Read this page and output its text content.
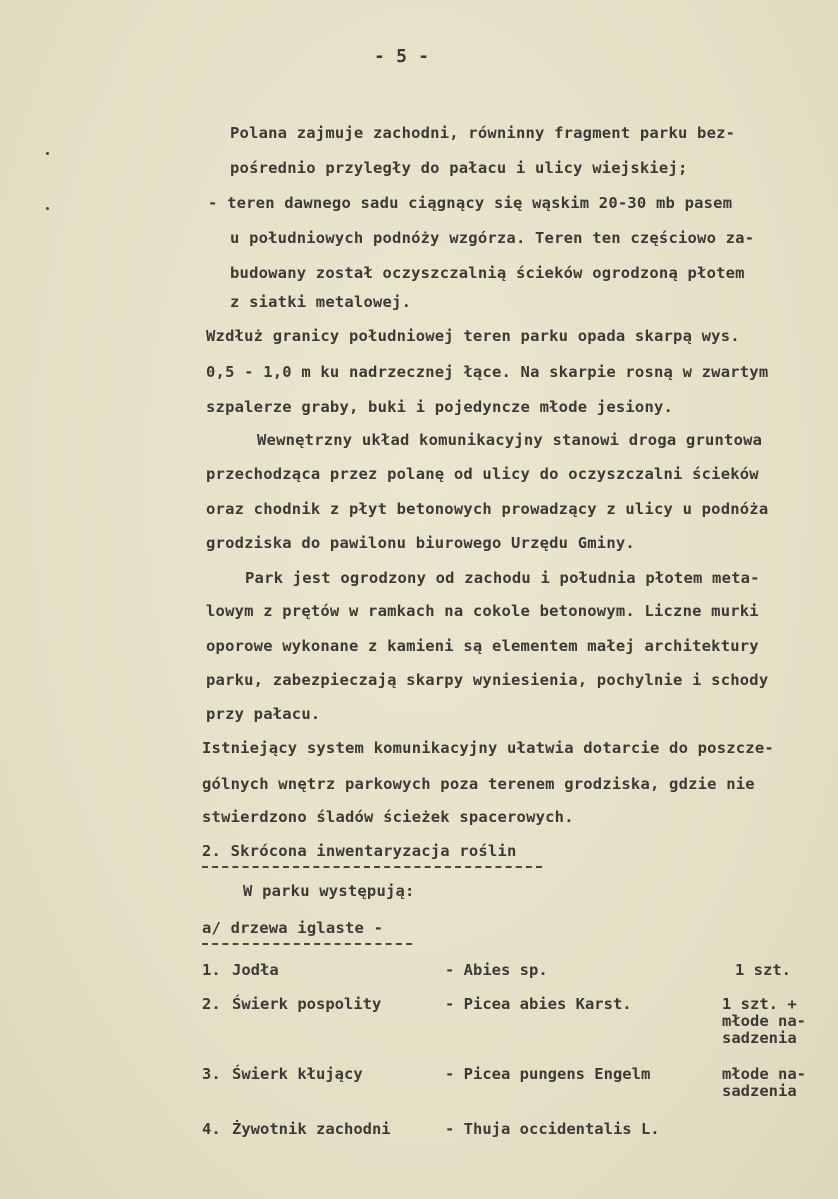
- 5 -
Polana zajmuje zachodni, równinny fragment parku bez-
pośrednio przyległy do pałacu i ulicy wiejskiej;
- teren dawnego sadu ciągnący się wąskim 20-30 mb pasem
u południowych podnóży wzgórza. Teren ten częściowo za-
budowany został oczyszczalnią ścieków ogrodzoną płotem
z siatki metalowej.
Wzdłuż granicy południowej teren parku opada skarpą wys.
0,5 - 1,0 m ku nadrzecznej łące. Na skarpie rosną w zwartym
szpalerze graby, buki i pojedyncze młode jesiony.
Wewnętrzny układ komunikacyjny stanowi droga gruntowa
przechodząca przez polanę od ulicy do oczyszczalni ścieków
oraz chodnik z płyt betonowych prowadzący z ulicy u podnóża
grodziska do pawilonu biurowego Urzędu Gminy.
Park jest ogrodzony od zachodu i południa płotem meta-
lowym z prętów w ramkach na cokole betonowym. Liczne murki
oporowe wykonane z kamieni są elementem małej architektury
parku, zabezpieczają skarpy wyniesienia, pochylnie i schody
przy pałacu.
Istniejący system komunikacyjny ułatwia dotarcie do poszcze-
gólnych wnętrz parkowych poza terenem grodziska, gdzie nie
stwierdzono śladów ścieżek spacerowych.
2. Skrócona inwentaryzacja roślin
W parku występują:
a/ drzewa iglaste -
1. Jodła	- Abies sp.	1 szt.
2. Świerk pospolity	- Picea abies Karst.	1 szt. +
młode na-
sadzenia
3. Świerk kłujący	- Picea pungens Engelm	młode na-
sadzenia
4. Żywotnik zachodni	- Thuja occidentalis L.
